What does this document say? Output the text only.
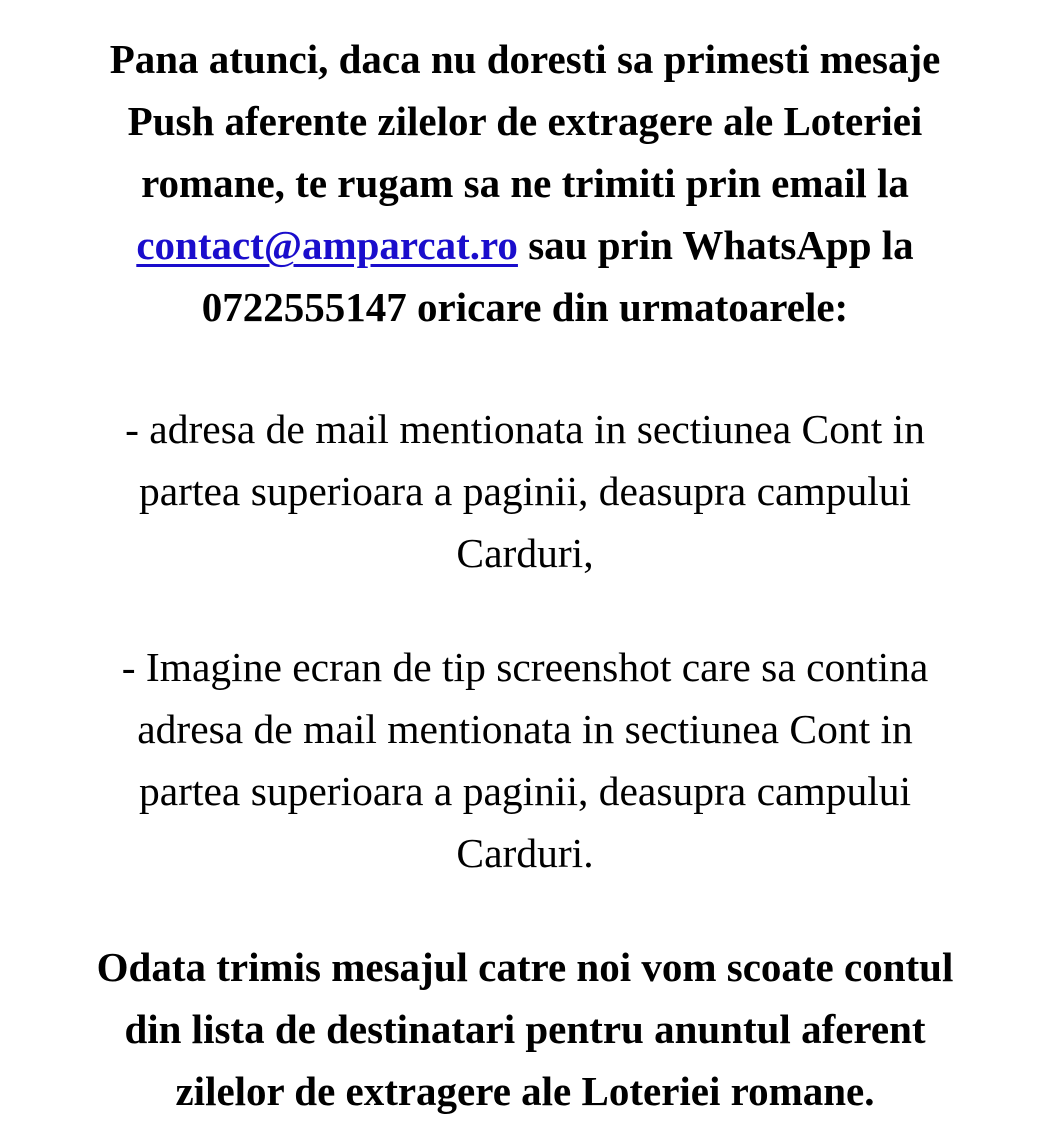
Pana atunci, daca nu doresti sa primesti mesaje
Push aferente zilelor de extragere ale Loteriei
romane, te rugam sa ne trimiti prin email la
contact@amparcat.ro sau prin WhatsApp la
0722555147 oricare din urmatoarele:

- adresa de mail mentionata in sectiunea Cont in
partea superioara a paginii, deasupra campului
Carduri,

- Imagine ecran de tip screenshot care sa contina
adresa de mail mentionata in sectiunea Cont in
partea superioara a paginii, deasupra campului
Carduri.

Odata trimis mesajul catre noi vom scoate contul
din lista de destinatari pentru anuntul aferent
zilelor de extragere ale Loteriei romane.
